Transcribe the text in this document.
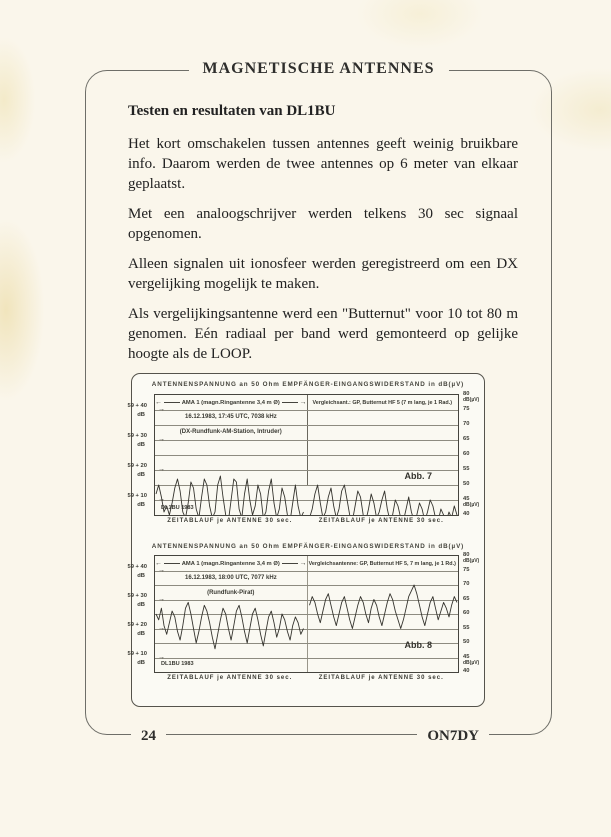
MAGNETISCHE ANTENNES
Testen en resultaten van DL1BU

Het kort omschakelen tussen antennes geeft weinig bruikbare info. Daarom werden de twee antennes op 6 meter van elkaar geplaatst.

Met een analoogschrijver werden telkens 30 sec signaal opgenomen.

Alleen signalen uit ionosfeer werden geregistreerd om een DX vergelijking mogelijk te maken.

Als vergelijkingsantenne werd een "Butternut" voor 10 tot 80 m genomen. Eén radiaal per band werd gemonteerd op gelijke hoogte als de LOOP.

ANTENNENSPANNUNG an 50 Ohm EMPFÄNGER-EINGANGSWIDERSTAND in dB(µV)
←	AMA 1 (magn.Ringantenne 3,4 m Ø)	→	Vergleichsant.: GP, Butternut HF 5 (7 m lang, je 1 Rad.)
16.12.1983, 17:45 UTC, 7038 kHz
(DX-Rundfunk-AM-Station, Intruder)
Abb. 7
DL1BU 1983
80
75
70
65
60
55
50
45
40
dB(µV)
dB(µV)
59 + 40
dB
→
59 + 30
dB
→
59 + 20
dB
→
59 + 10
dB
→
ZEITABLAUF je ANTENNE 30 sec.	ZEITABLAUF je ANTENNE 30 sec.
ANTENNENSPANNUNG an 50 Ohm EMPFÄNGER-EINGANGSWIDERSTAND in dB(µV)
←	AMA 1 (magn.Ringantenne 3,4 m Ø)	→ Vergleichsantenne: GP, Butternut HF 5, 7 m lang, je 1 Rd.)
16.12.1983, 18:00 UTC, 7077 kHz
(Rundfunk-Pirat)
Abb. 8
DL1BU 1983
80
75
70
65
60
55
50
45
40
dB(µV)
dB(µV)
59 + 40
dB
→
59 + 30
dB
→
59 + 20
dB
→
59 + 10
dB
→
ZEITABLAUF je ANTENNE 30 sec.	ZEITABLAUF je ANTENNE 30 sec.
24	ON7DY
